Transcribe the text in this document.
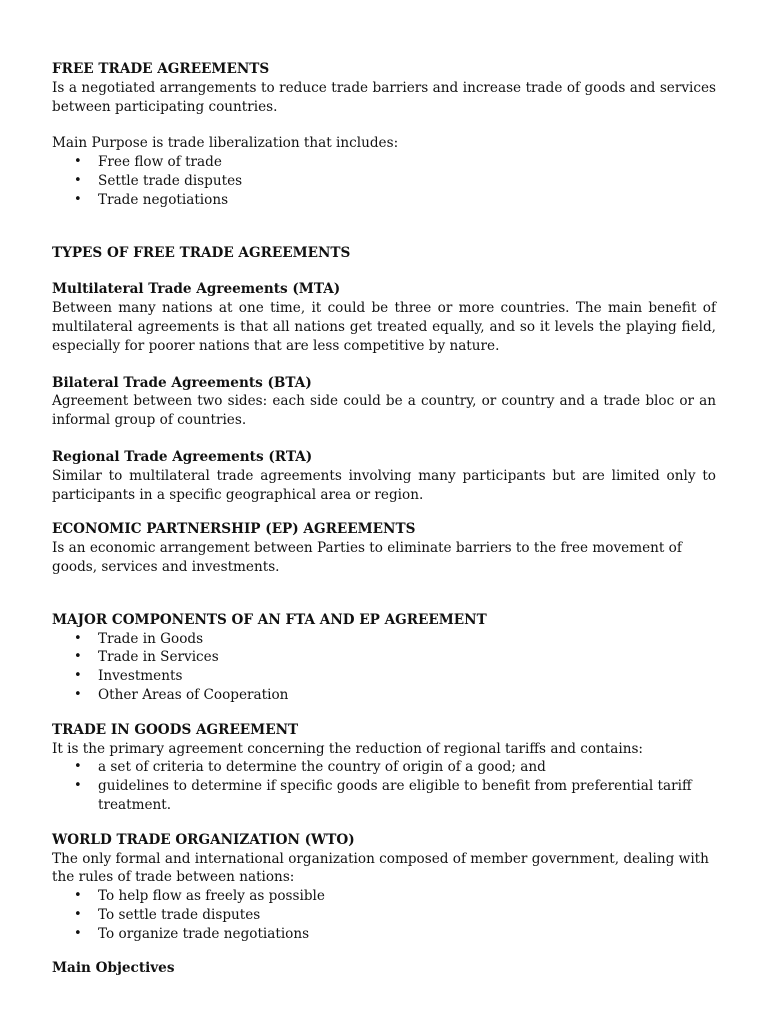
FREE TRADE AGREEMENTS

Is a negotiated arrangements to reduce trade barriers and increase trade of goods and services between participating countries.

Main Purpose is trade liberalization that includes:

• Free flow of trade
• Settle trade disputes
• Trade negotiations

TYPES OF FREE TRADE AGREEMENTS

Multilateral Trade Agreements (MTA)

Between many nations at one time, it could be three or more countries. The main benefit of multilateral agreements is that all nations get treated equally, and so it levels the playing field, especially for poorer nations that are less competitive by nature.

Bilateral Trade Agreements (BTA)

Agreement between two sides: each side could be a country, or country and a trade bloc or an informal group of countries.

Regional Trade Agreements (RTA)

Similar to multilateral trade agreements involving many participants but are limited only to participants in a specific geographical area or region.

ECONOMIC PARTNERSHIP (EP) AGREEMENTS

Is an economic arrangement between Parties to eliminate barriers to the free movement of goods, services and investments.

MAJOR COMPONENTS OF AN FTA AND EP AGREEMENT

• Trade in Goods
• Trade in Services
• Investments
• Other Areas of Cooperation

TRADE IN GOODS AGREEMENT

It is the primary agreement concerning the reduction of regional tariffs and contains:

• a set of criteria to determine the country of origin of a good; and
• guidelines to determine if specific goods are eligible to benefit from preferential tariff treatment.

WORLD TRADE ORGANIZATION (WTO)

The only formal and international organization composed of member government, dealing with the rules of trade between nations:

• To help flow as freely as possible
• To settle trade disputes
• To organize trade negotiations

Main Objectives
